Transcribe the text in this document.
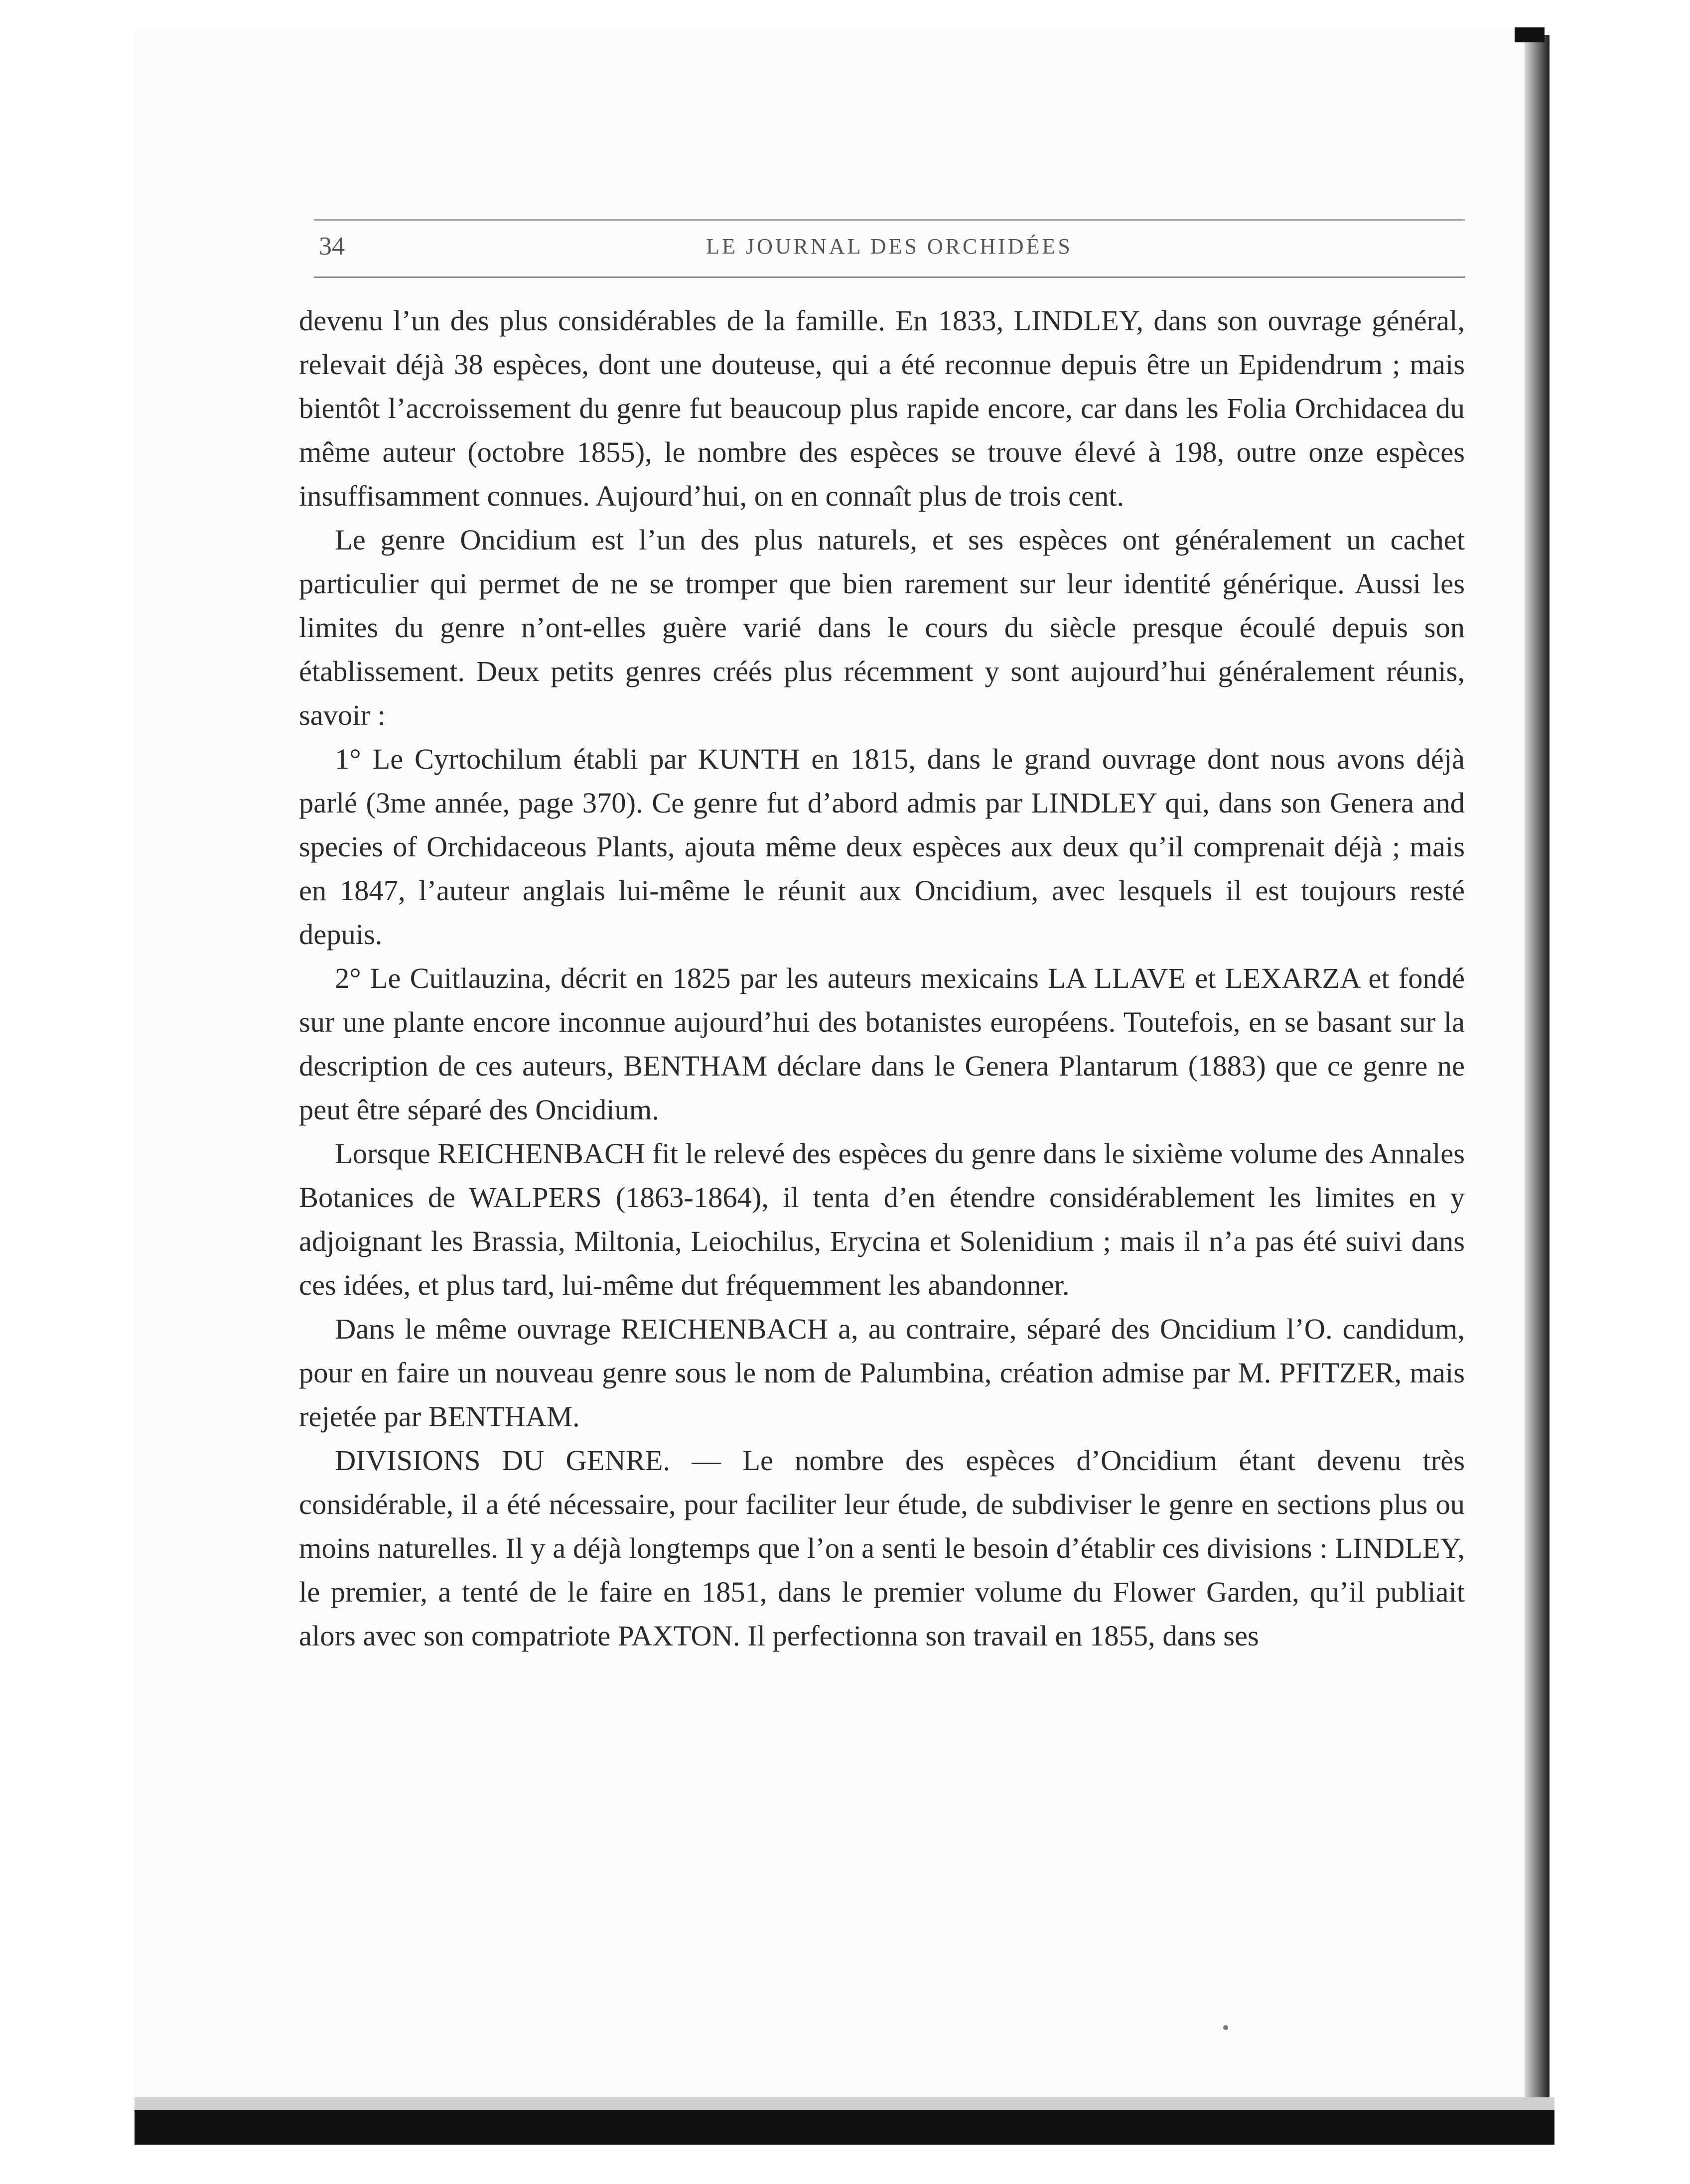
34	LE JOURNAL DES ORCHIDÉES

devenu l’un des plus considérables de la famille. En 1833, LINDLEY, dans son ouvrage général, relevait déjà 38 espèces, dont une douteuse, qui a été reconnue depuis être un Epidendrum ; mais bientôt l’accroissement du genre fut beaucoup plus rapide encore, car dans les Folia Orchidacea du même auteur (octobre 1855), le nombre des espèces se trouve élevé à 198, outre onze espèces insuffisamment connues. Aujourd’hui, on en connaît plus de trois cent.

Le genre Oncidium est l’un des plus naturels, et ses espèces ont généralement un cachet particulier qui permet de ne se tromper que bien rarement sur leur identité générique. Aussi les limites du genre n’ont-elles guère varié dans le cours du siècle presque écoulé depuis son établissement. Deux petits genres créés plus récemment y sont aujourd’hui généralement réunis, savoir :

1° Le Cyrtochilum établi par KUNTH en 1815, dans le grand ouvrage dont nous avons déjà parlé (3me année, page 370). Ce genre fut d’abord admis par LINDLEY qui, dans son Genera and species of Orchidaceous Plants, ajouta même deux espèces aux deux qu’il comprenait déjà ; mais en 1847, l’auteur anglais lui-même le réunit aux Oncidium, avec lesquels il est toujours resté depuis.

2° Le Cuitlauzina, décrit en 1825 par les auteurs mexicains LA LLAVE et LEXARZA et fondé sur une plante encore inconnue aujourd’hui des botanistes européens. Toutefois, en se basant sur la description de ces auteurs, BENTHAM déclare dans le Genera Plantarum (1883) que ce genre ne peut être séparé des Oncidium.

Lorsque REICHENBACH fit le relevé des espèces du genre dans le sixième volume des Annales Botanices de WALPERS (1863-1864), il tenta d’en étendre considérablement les limites en y adjoignant les Brassia, Miltonia, Leiochilus, Erycina et Solenidium ; mais il n’a pas été suivi dans ces idées, et plus tard, lui-même dut fréquemment les abandonner.

Dans le même ouvrage REICHENBACH a, au contraire, séparé des Oncidium l’O. candidum, pour en faire un nouveau genre sous le nom de Palumbina, création admise par M. PFITZER, mais rejetée par BENTHAM.

DIVISIONS DU GENRE. — Le nombre des espèces d’Oncidium étant devenu très considérable, il a été nécessaire, pour faciliter leur étude, de subdiviser le genre en sections plus ou moins naturelles. Il y a déjà longtemps que l’on a senti le besoin d’établir ces divisions : LINDLEY, le premier, a tenté de le faire en 1851, dans le premier volume du Flower Garden, qu’il publiait alors avec son compatriote PAXTON. Il perfectionna son travail en 1855, dans ses
